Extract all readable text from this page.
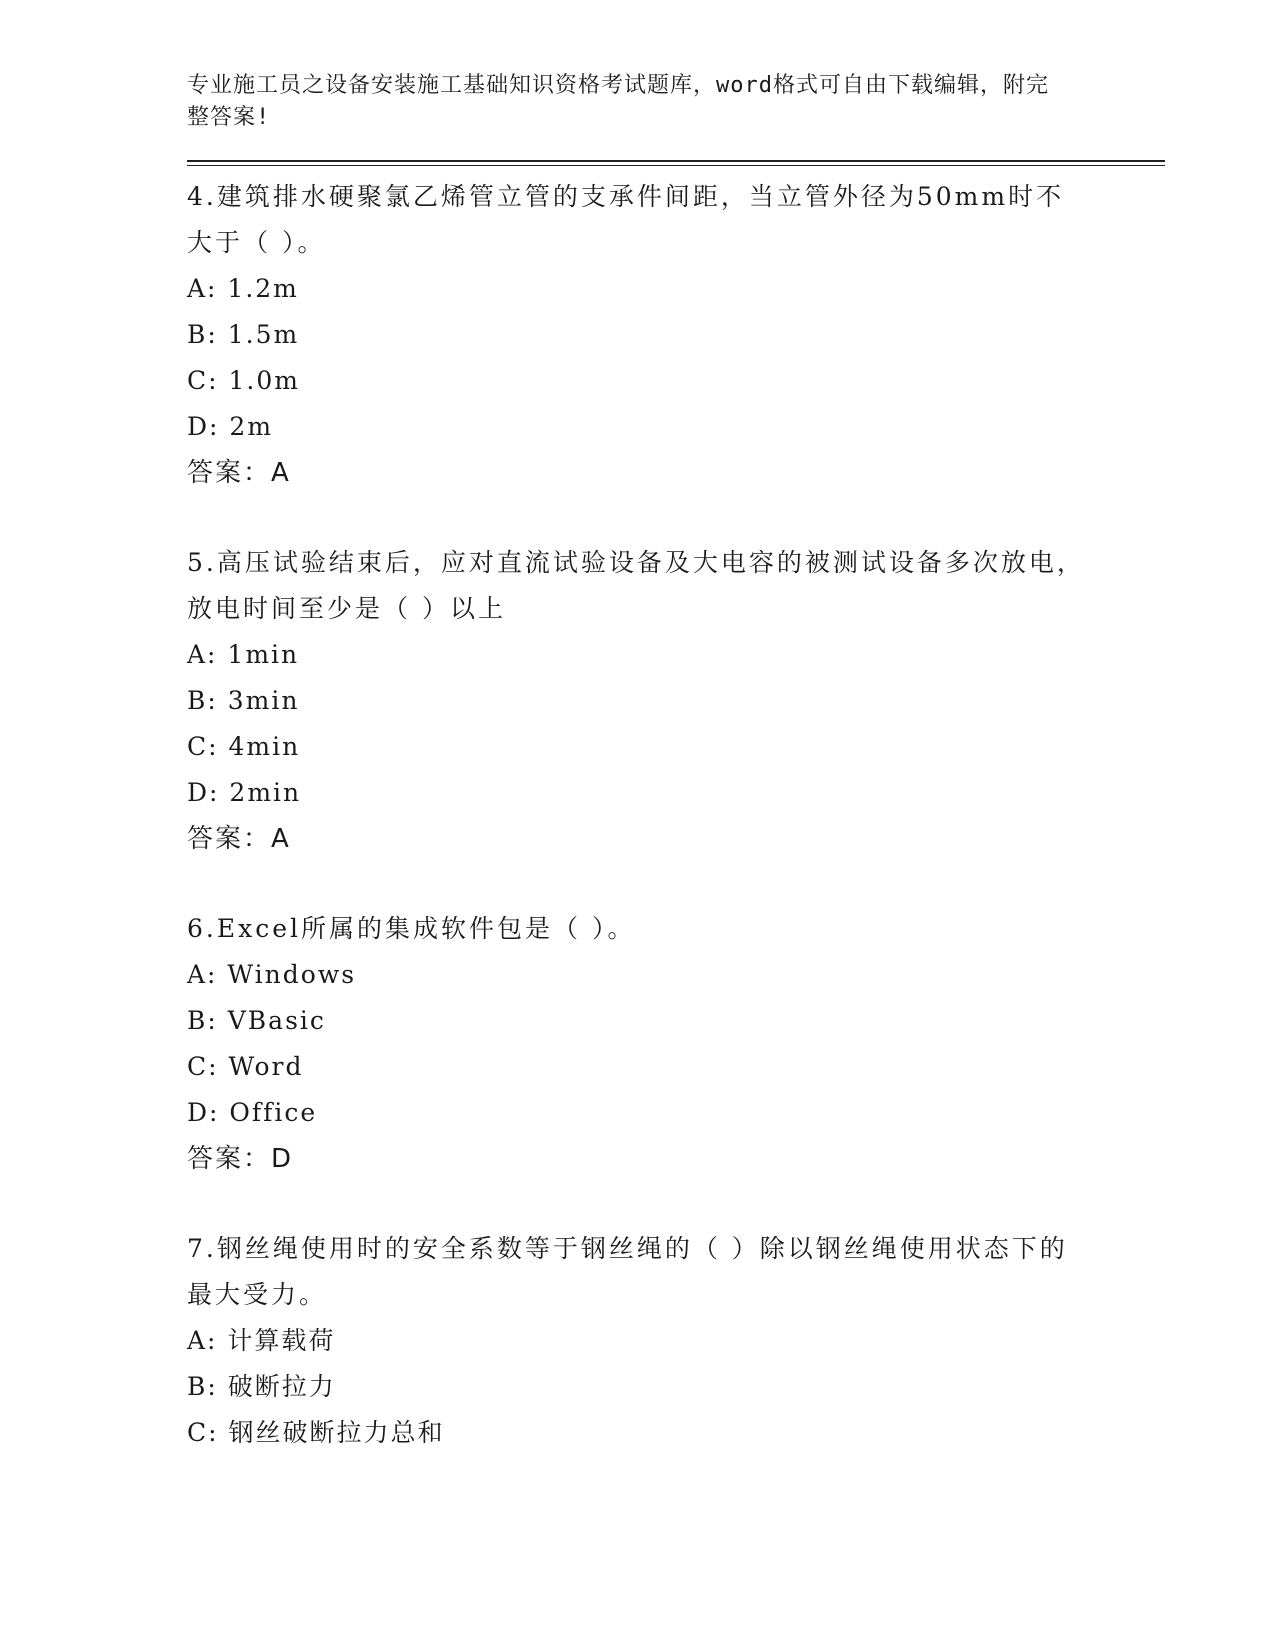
专业施工员之设备安装施工基础知识资格考试题库，word格式可自由下载编辑，附完整答案!

4.建筑排水硬聚氯乙烯管立管的支承件间距，当立管外径为50mm时不大于（ ）。

A: 1.2m

B: 1.5m

C: 1.0m

D: 2m

答案：A

5.高压试验结束后，应对直流试验设备及大电容的被测试设备多次放电，放电时间至少是（ ）以上

A: 1min

B: 3min

C: 4min

D: 2min

答案：A

6.Excel所属的集成软件包是（ ）。

A: Windows

B: VBasic

C: Word

D: Office

答案：D

7.钢丝绳使用时的安全系数等于钢丝绳的（ ）除以钢丝绳使用状态下的最大受力。

A: 计算载荷

B: 破断拉力

C: 钢丝破断拉力总和
